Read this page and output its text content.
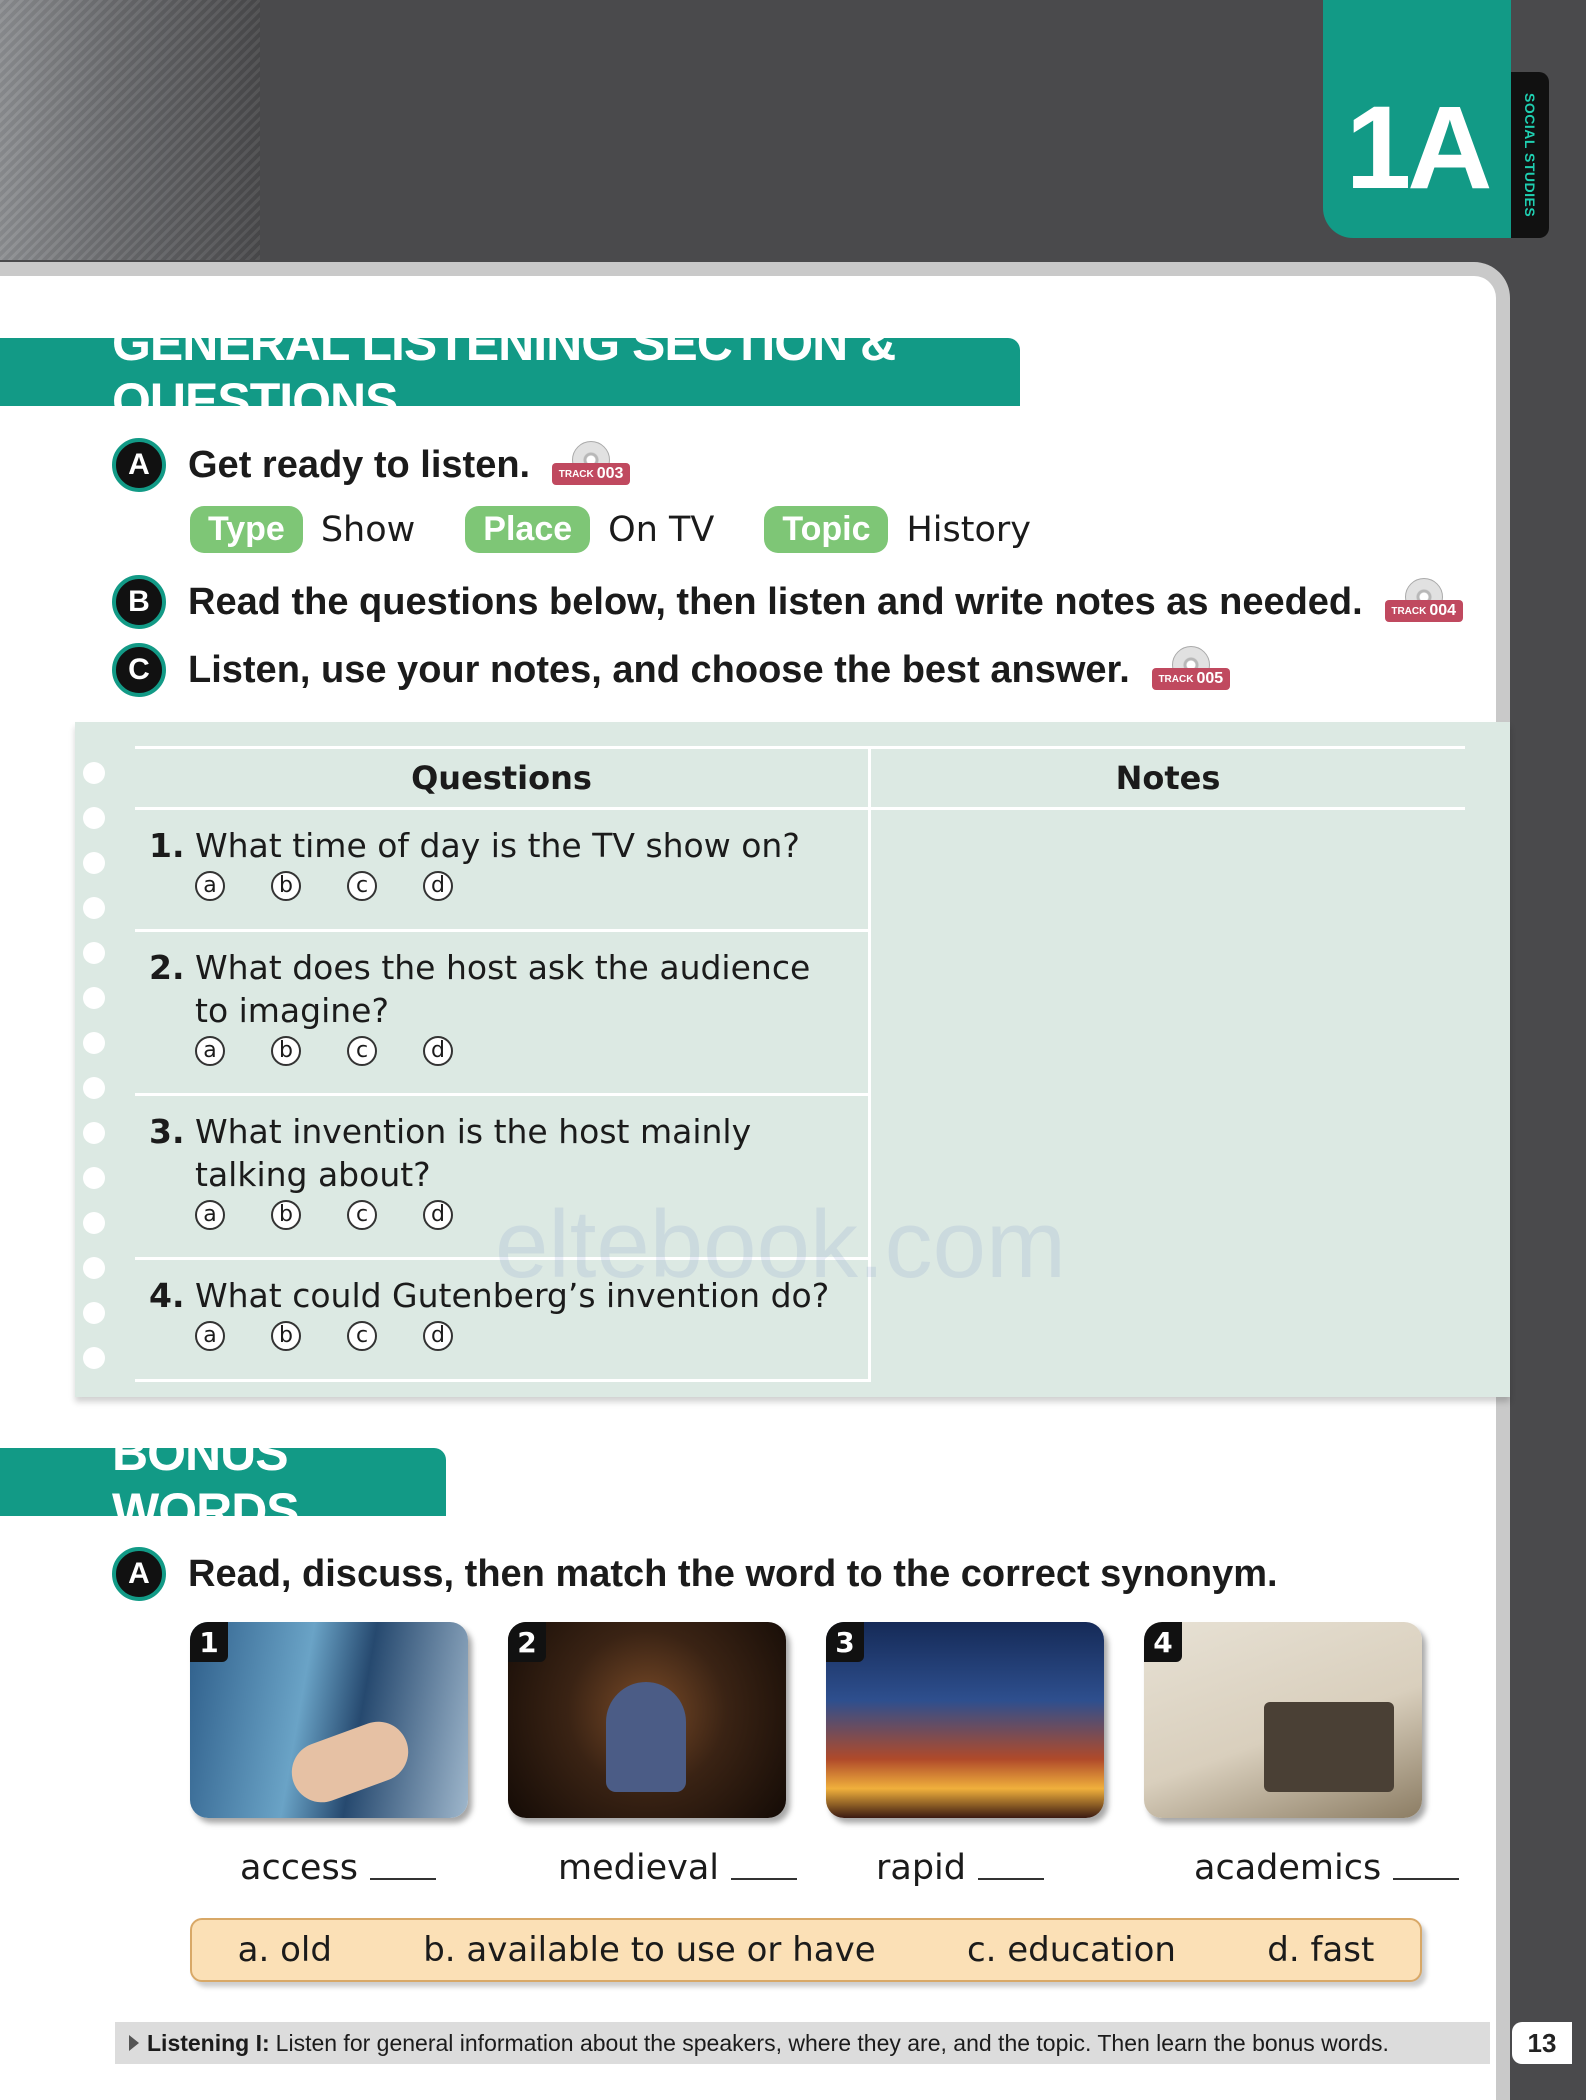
1A SOCIAL STUDIES
GENERAL LISTENING SECTION & QUESTIONS
A	Get ready to listen.	TRACK 003
Type	Show	Place	On TV	Topic	History
B	Read the questions below, then listen and write notes as needed.	TRACK 004
C	Listen, use your notes, and choose the best answer.	TRACK 005
Questions	Notes
1. What time of day is the TV show on?
a	b	c	d
2. What does the host ask the audience
to imagine?
a	b	c	d
3. What invention is the host mainly
talking about?
a	b	c	d
4. What could Gutenberg’s invention do?
a	b	c	d
eltebook.com
BONUS WORDS
A	Read, discuss, then match the word to the correct synonym.
1	2	3	4
access	medieval	rapid	academics
a. old	b. available to use or have	c. education	d. fast
Listening I: Listen for general information about the speakers, where they are, and the topic. Then learn the bonus words.	13
